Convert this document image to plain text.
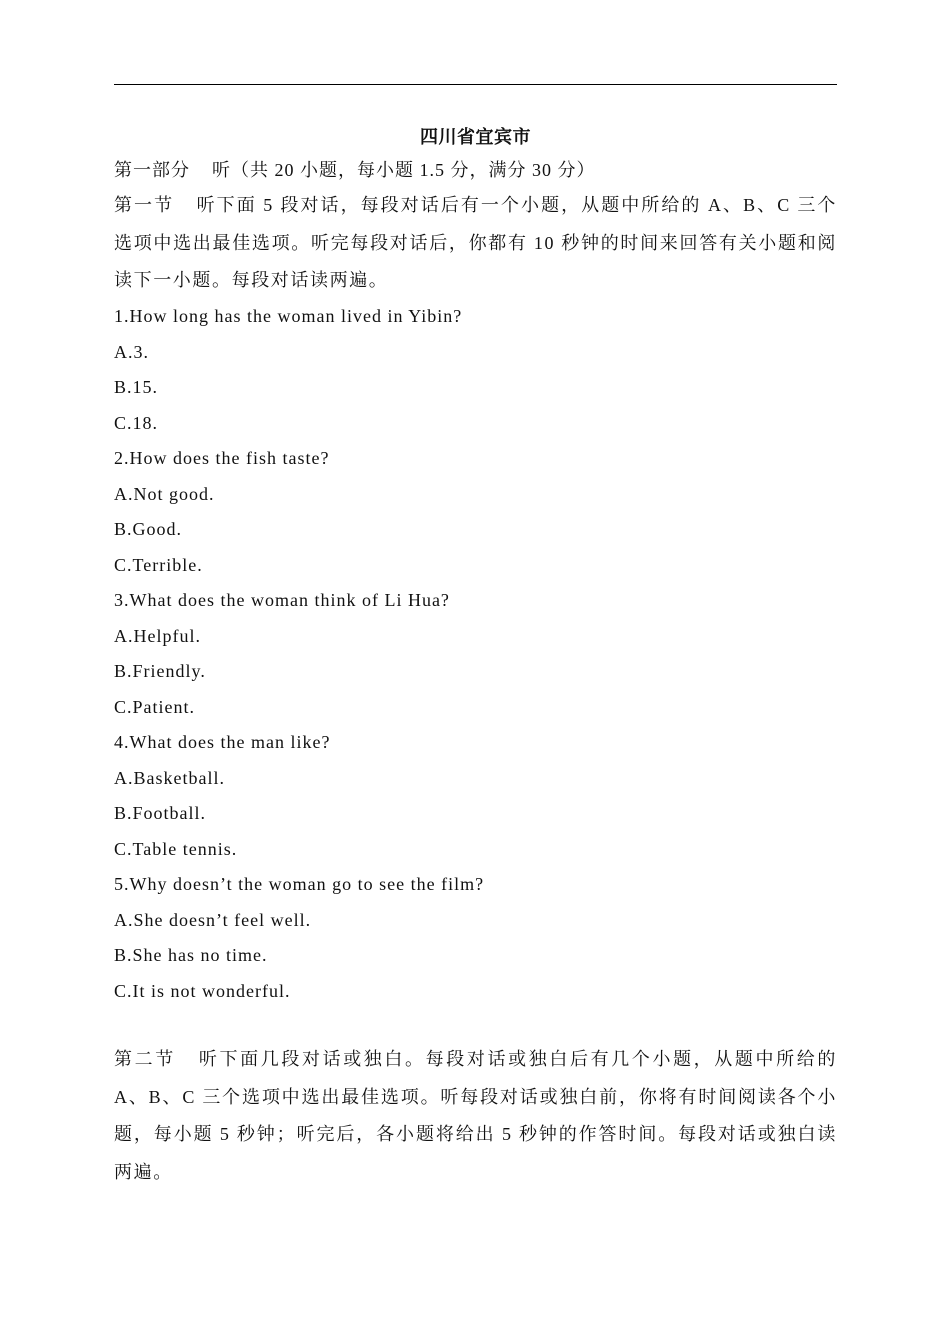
四川省宜宾市
第一部分 听（共 20 小题，每小题 1.5 分，满分 30 分）
第一节 听下面 5 段对话，每段对话后有一个小题，从题中所给的 A、B、C 三个选项中选出最佳选项。听完每段对话后，你都有 10 秒钟的时间来回答有关小题和阅读下一小题。每段对话读两遍。
1.How long has the woman lived in Yibin?
A.3.
B.15.
C.18.
2.How does the fish taste?
A.Not good.
B.Good.
C.Terrible.
3.What does the woman think of Li Hua?
A.Helpful.
B.Friendly.
C.Patient.
4.What does the man like?
A.Basketball.
B.Football.
C.Table tennis.
5.Why doesn’t the woman go to see the film?
A.She doesn’t feel well.
B.She has no time.
C.It is not wonderful.
第二节 听下面几段对话或独白。每段对话或独白后有几个小题，从题中所给的 A、B、C 三个选项中选出最佳选项。听每段对话或独白前，你将有时间阅读各个小题，每小题 5 秒钟；听完后，各小题将给出 5 秒钟的作答时间。每段对话或独白读两遍。
